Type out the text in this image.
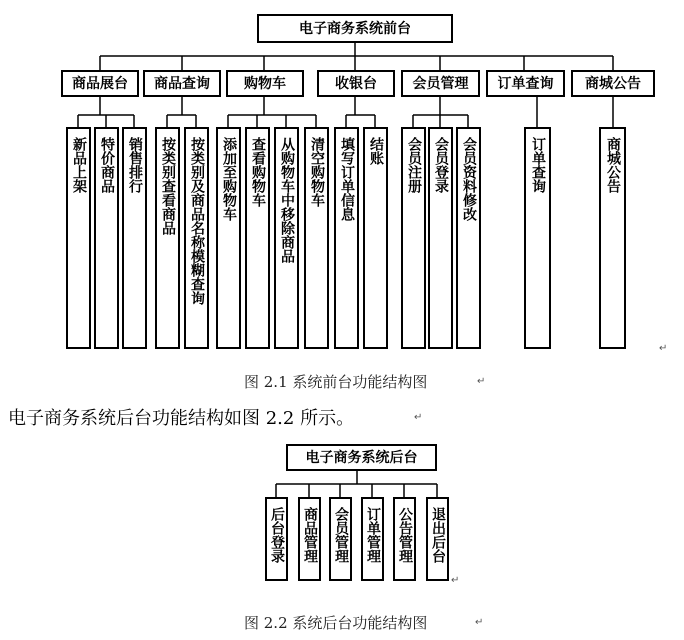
电子商务系统前台
商品展台 商品查询 购物车	收银台	会员管理 订单查询 商城公告
新品上架 特价商品 销售排行 按类别查看商品 按类别及商品名称模糊查询 添加至购物车 查看购物车 从购物车中移除商品 清空购物车 填写订单信息 结账 会员注册 会员登录 会员资料修改	订单查询	商城公告
↵
图 2.1 系统前台功能结构图	↵
电子商务系统后台功能结构如图 2.2 所示。	↵
电子商务系统后台
后台登录 商品管理 会员管理 订单管理 公告管理 退出后台
↵
图 2.2 系统后台功能结构图	↵
